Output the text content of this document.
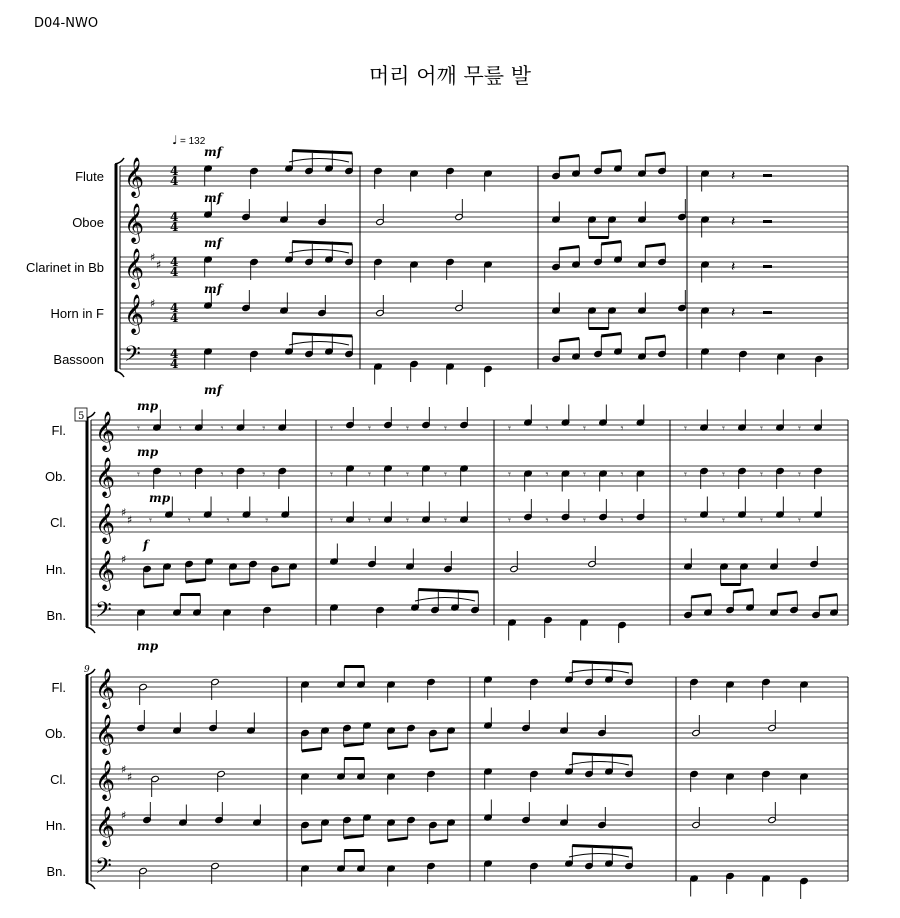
D04-NWO
머리 어깨 무릎 발
𝄞 4
4
𝄞 4
4
𝄞 ♯
♯ 4
4
𝄞 ♯ 4
4
𝄢 4
4
𝄞
𝄞
𝄞 ♯
♯
𝄞 ♯
𝄢
𝄞
𝄞
𝄞 ♯
♯
𝄞 ♯
𝄢
𝄽
𝄽
𝄽
𝄽
𝄾	𝄾	𝄾	𝄾	𝄾	𝄾	𝄾	𝄾	𝄾	𝄾	𝄾	𝄾	𝄾	𝄾	𝄾	𝄾
𝄾	𝄾	𝄾	𝄾	𝄾	𝄾	𝄾	𝄾	𝄾	𝄾	𝄾	𝄾	𝄾	𝄾	𝄾	𝄾
𝄾	𝄾	𝄾	𝄾	𝄾	𝄾	𝄾	𝄾	𝄾	𝄾	𝄾	𝄾	𝄾	𝄾	𝄾	𝄾
Flute
mf
Oboe
mf
Clarinet in Bb
mf
Horn in F
mf
Bassoon
mf
Fl.
mp
Ob.
mp
Cl.
mp
Hn.
f
Bn.
mp
Fl.
Ob.
Cl.
Hn.
Bn.
♩ = 132
5
9
